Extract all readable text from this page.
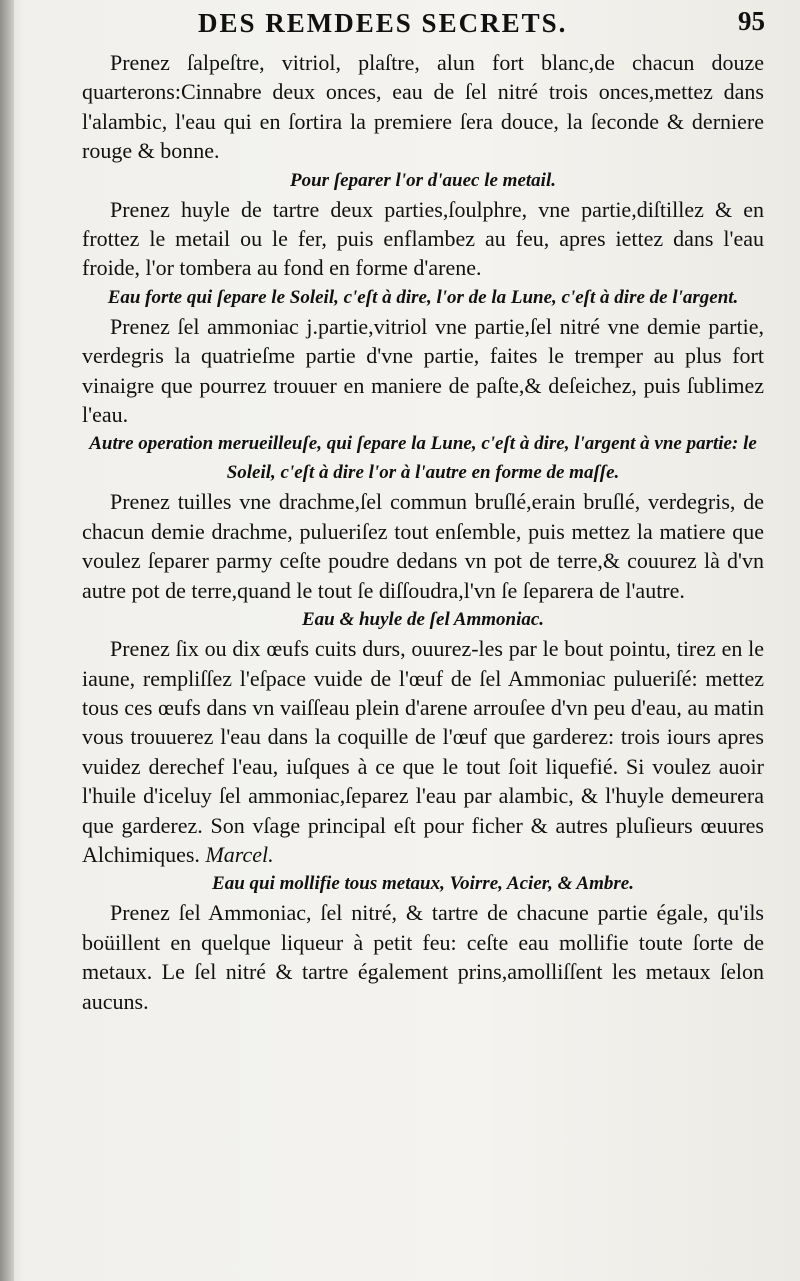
DES REMDEES SECRETS.	95

Prenez ſalpeſtre, vitriol, plaſtre, alun fort blanc,de chacun douze quarterons:Cinnabre deux onces, eau de ſel nitré trois onces,mettez dans l'alambic, l'eau qui en ſortira la premiere ſera douce, la ſeconde & derniere rouge & bonne.

Pour ſeparer l'or d'auec le metail.

Prenez huyle de tartre deux parties,ſoulphre, vne partie,diſtillez & en frottez le metail ou le fer, puis enflambez au feu, apres iettez dans l'eau froide, l'or tombera au fond en forme d'arene.

Eau forte qui ſepare le Soleil, c'eſt à dire, l'or de la Lune, c'eſt à dire de l'argent.

Prenez ſel ammoniac j.partie,vitriol vne partie,ſel nitré vne demie partie, verdegris la quatrieſme partie d'vne partie, faites le tremper au plus fort vinaigre que pourrez trouuer en maniere de paſte,& deſeichez, puis ſublimez l'eau.

Autre operation merueilleuſe, qui ſepare la Lune, c'eſt à dire, l'argent à vne partie: le Soleil, c'eſt à dire l'or à l'autre en forme de maſſe.

Prenez tuilles vne drachme,ſel commun bruſlé,erain bruſlé, verdegris, de chacun demie drachme, pulueriſez tout enſemble, puis mettez la matiere que voulez ſeparer parmy ceſte poudre dedans vn pot de terre,& couurez là d'vn autre pot de terre,quand le tout ſe diſſoudra,l'vn ſe ſeparera de l'autre.

Eau & huyle de ſel Ammoniac.

Prenez ſix ou dix œufs cuits durs, ouurez-les par le bout pointu, tirez en le iaune, rempliſſez l'eſpace vuide de l'œuf de ſel Ammoniac pulueriſé: mettez tous ces œufs dans vn vaiſſeau plein d'arene arrouſee d'vn peu d'eau, au matin vous trouuerez l'eau dans la coquille de l'œuf que garderez: trois iours apres vuidez derechef l'eau, iuſques à ce que le tout ſoit liquefié. Si voulez auoir l'huile d'iceluy ſel ammoniac,ſeparez l'eau par alambic, & l'huyle demeurera que garderez. Son vſage principal eſt pour ficher & autres pluſieurs œuures Alchimiques. Marcel.

Eau qui mollifie tous metaux, Voirre, Acier, & Ambre.

Prenez ſel Ammoniac, ſel nitré, & tartre de chacune partie égale, qu'ils boüillent en quelque liqueur à petit feu: ceſte eau mollifie toute ſorte de metaux. Le ſel nitré & tartre également prins,amolliſſent les metaux ſelon aucuns.
